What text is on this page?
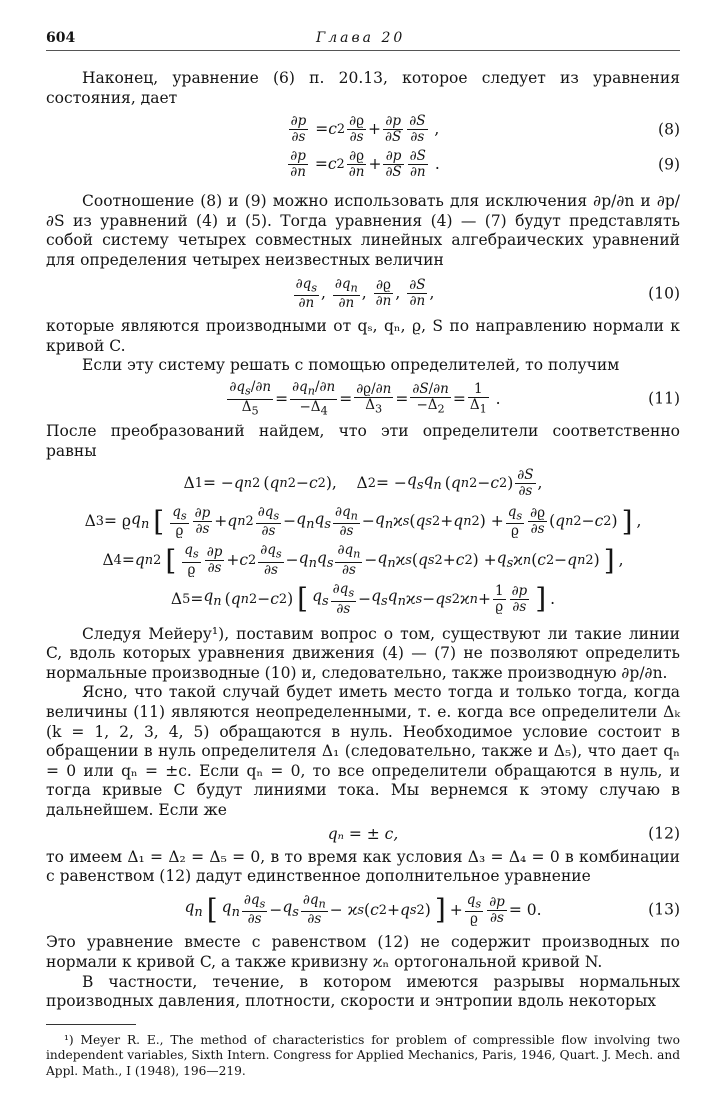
604	Глава 20

Наконец, уравнение (6) п. 20.13, которое следует из уравнения состояния, дает

$\frac{\partial p}{\partial s} = c$ $2 \frac{\partial ϱ}{\partial s} + \frac{\partial p}{\partial S} \frac{\partial S}{\partial s}$ ,	(8)
$\frac{\partial p}{\partial n} = c$ $2 \frac{\partial ϱ}{\partial n} + \frac{\partial p}{\partial S} \frac{\partial S}{\partial n}$ .	(9)

Соотношение (8) и (9) можно использовать для исключения ∂p/∂n и ∂p/∂S из уравнений (4) и (5). Тогда уравнения (4) — (7) будут представлять собой систему четырех совместных линейных алгебраических уравнений для определения четырех неизвестных величин

$\frac{\partial q_s}{\partial n}$ , $\frac{\partial q_n}{\partial n}$ , $\frac{\partial ϱ}{\partial n}$ , $\frac{\partial S}{\partial n}$ ,	(10)

которые являются производными от qₛ, qₙ, ϱ, S по направлению нормали к кривой C.

Если эту систему решать с помощью определителей, то получим

$\frac{\partial q_s/\partial n}{\Delta_5} = \frac{\partial q_n/\partial n}{-\Delta_4} = \frac{\partial ϱ/\partial n}{\Delta_3} = \frac{\partial S/\partial n}{-\Delta_2} = \frac{1}{\Delta_1}$ .	(11)

После преобразований найдем, что эти определители соответственно равны

Δ 1 = − q n 2  ( q n 2 − c 2 ),    Δ 2 = − $q_sq_n$  ( q n 2 − c 2 ) $\frac{\partial S}{\partial s}$ ,
Δ 3 = ϱ $q_n$ [ $\frac{q_s}{ϱ} \frac{\partial p}{\partial s} + q$ n $2 \frac{\partial q_s}{\partial s} - q_nq_s \frac{\partial q_n}{\partial s} - q_n$ ϰ s ( q s 2 + q n 2 ) + $\frac{q_s}{ϱ} \frac{\partial ϱ}{\partial s}$ ( q n 2 − c 2 ) ] ,
Δ 4 = q n 2 [ $\frac{q_s}{ϱ} \frac{\partial p}{\partial s} + c$ $2 \frac{\partial q_s}{\partial s} - q_nq_s \frac{\partial q_n}{\partial s} - q_n$ ϰ s ( q s 2 + c 2 ) + $q_s$ ϰ n ( c 2 − q n 2 ) ] ,
Δ $5 = q_n$  ( q n 2 − c 2 ) [ $q_s \frac{\partial q_s}{\partial s} - q_sq_n$ ϰ s − q s 2 ϰ $n + \frac{1}{ϱ} \frac{\partial p}{\partial s}$ ] .

Следуя Мейеру¹), поставим вопрос о том, существуют ли такие линии C, вдоль которых уравнения движения (4) — (7) не позволяют определить нормальные производные (10) и, следовательно, также производную ∂p/∂n.

Ясно, что такой случай будет иметь место тогда и только тогда, когда величины (11) являются неопределенными, т. е. когда все определители Δₖ (k = 1, 2, 3, 4, 5) обращаются в нуль. Необходимое условие состоит в обращении в нуль определителя Δ₁ (следовательно, также и Δ₅), что дает qₙ = 0 или qₙ = ±c. Если qₙ = 0, то все определители обращаются в нуль, и тогда кривые C будут линиями тока. Мы вернемся к этому случаю в дальнейшем. Если же

qₙ = ± c,	(12)

то имеем Δ₁ = Δ₂ = Δ₅ = 0, в то время как условия Δ₃ = Δ₄ = 0 в комбинации с равенством (12) дадут единственное дополнительное уравнение

$q_n$ [ $q_n \frac{\partial q_s}{\partial s} - q_s \frac{\partial q_n}{\partial s} - ϰ$ s ( c 2 + q s 2 ) ] + $\frac{q_s}{ϱ} \frac{\partial p}{\partial s} = 0$.	(13)

Это уравнение вместе с равенством (12) не содержит производных по нормали к кривой C, а также кривизну ϰₙ ортогональной кривой N.

В частности, течение, в котором имеются разрывы нормальных производных давления, плотности, скорости и энтропии вдоль некоторых

¹) Meyer R. E., The method of characteristics for problem of compressible flow involving two independent variables, Sixth Intern. Congress for Applied Mechanics, Paris, 1946, Quart. J. Mech. and Appl. Math., I (1948), 196—219.
